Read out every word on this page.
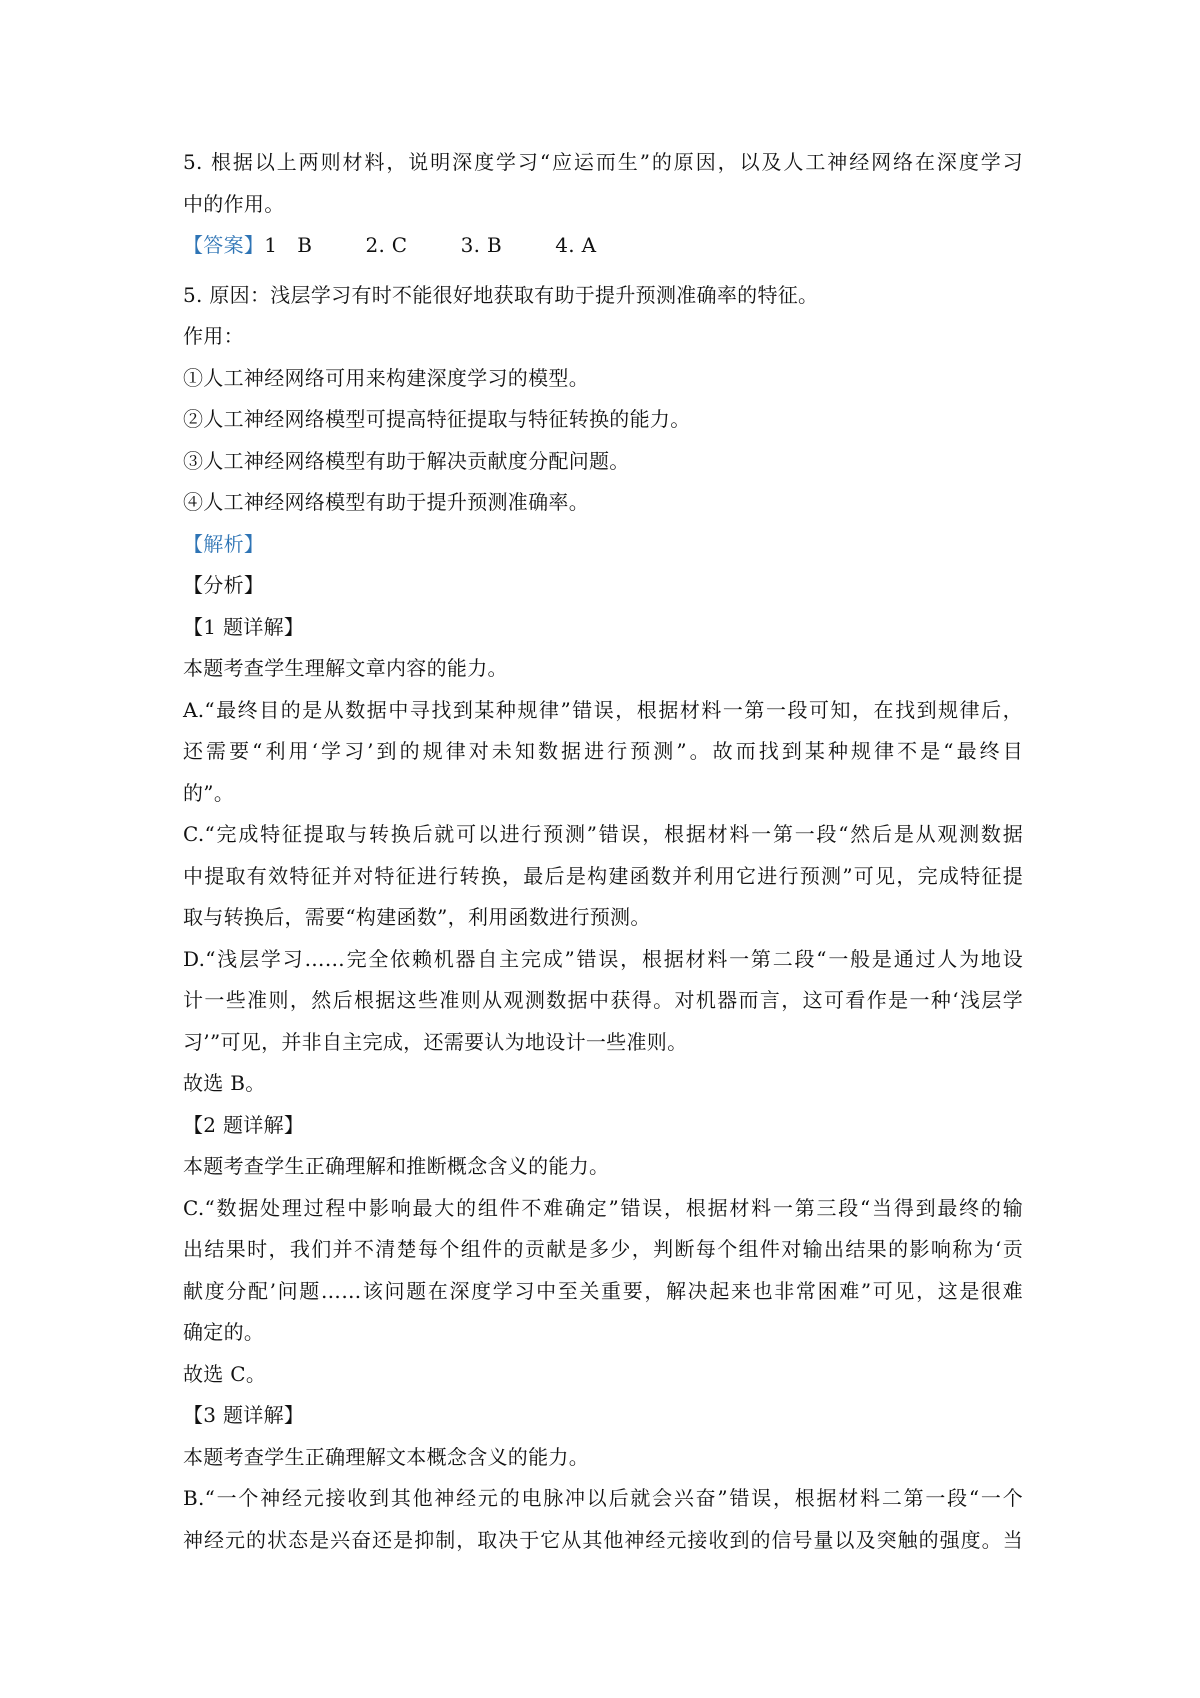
5. 根据以上两则材料，说明深度学习“应运而生”的原因，以及人工神经网络在深度学习
中的作用。
【答案】1   B        2. C        3. B        4. A
5. 原因：浅层学习有时不能很好地获取有助于提升预测准确率的特征。
作用：
①人工神经网络可用来构建深度学习的模型。
②人工神经网络模型可提高特征提取与特征转换的能力。
③人工神经网络模型有助于解决贡献度分配问题。
④人工神经网络模型有助于提升预测准确率。
【解析】
【分析】
【1 题详解】
本题考查学生理解文章内容的能力。
A.“最终目的是从数据中寻找到某种规律”错误，根据材料一第一段可知，在找到规律后，
还需要“利用‘学习’到的规律对未知数据进行预测”。故而找到某种规律不是“最终目
的”。
C.“完成特征提取与转换后就可以进行预测”错误，根据材料一第一段“然后是从观测数据
中提取有效特征并对特征进行转换，最后是构建函数并利用它进行预测”可见，完成特征提
取与转换后，需要“构建函数”，利用函数进行预测。
D.“浅层学习……完全依赖机器自主完成”错误，根据材料一第二段“一般是通过人为地设
计一些准则，然后根据这些准则从观测数据中获得。对机器而言，这可看作是一种‘浅层学
习’”可见，并非自主完成，还需要认为地设计一些准则。
故选 B。
【2 题详解】
本题考查学生正确理解和推断概念含义的能力。
C.“数据处理过程中影响最大的组件不难确定”错误，根据材料一第三段“当得到最终的输
出结果时，我们并不清楚每个组件的贡献是多少，判断每个组件对输出结果的影响称为‘贡
献度分配’问题……该问题在深度学习中至关重要，解决起来也非常困难”可见，这是很难
确定的。
故选 C。
【3 题详解】
本题考查学生正确理解文本概念含义的能力。
B.“一个神经元接收到其他神经元的电脉冲以后就会兴奋”错误，根据材料二第一段“一个
神经元的状态是兴奋还是抑制，取决于它从其他神经元接收到的信号量以及突触的强度。当
